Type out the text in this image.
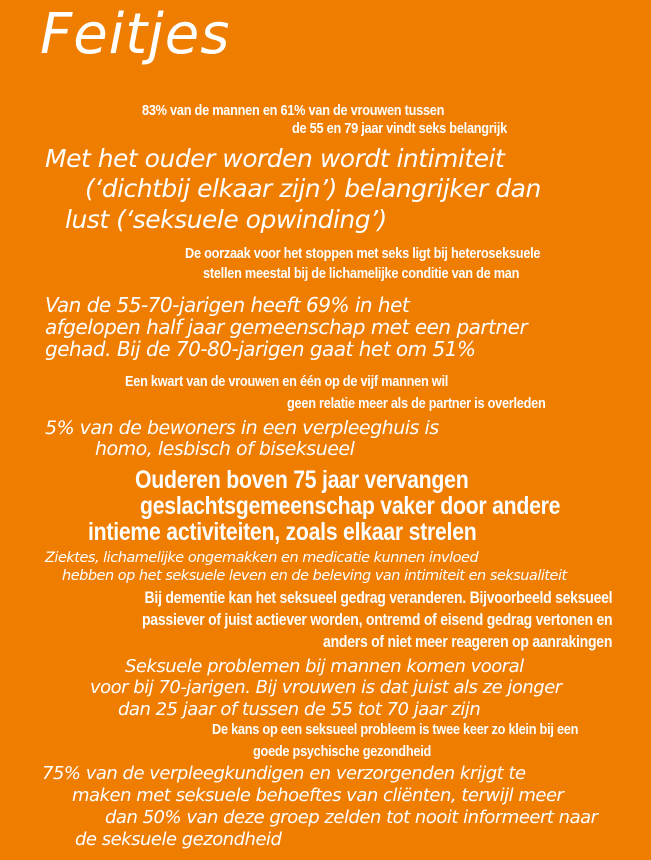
Feitjes
83% van de mannen en 61% van de vrouwen tussen
de 55 en 79 jaar vindt seks belangrijk
Met het ouder worden wordt intimiteit
(‘dichtbij elkaar zijn’) belangrijker dan
lust (‘seksuele opwinding’)
De oorzaak voor het stoppen met seks ligt bij heteroseksuele
stellen meestal bij de lichamelijke conditie van de man
Van de 55-70-jarigen heeft 69% in het
afgelopen half jaar gemeenschap met een partner
gehad. Bij de 70-80-jarigen gaat het om 51%
Een kwart van de vrouwen en één op de vijf mannen wil
geen relatie meer als de partner is overleden
5% van de bewoners in een verpleeghuis is
homo, lesbisch of biseksueel
Ouderen boven 75 jaar vervangen
geslachtsgemeenschap vaker door andere
intieme activiteiten, zoals elkaar strelen
Ziektes, lichamelijke ongemakken en medicatie kunnen invloed
hebben op het seksuele leven en de beleving van intimiteit en seksualiteit
Bij dementie kan het seksueel gedrag veranderen. Bijvoorbeeld seksueel
passiever of juist actiever worden, ontremd of eisend gedrag vertonen en
anders of niet meer reageren op aanrakingen
Seksuele problemen bij mannen komen vooral
voor bij 70-jarigen. Bij vrouwen is dat juist als ze jonger
dan 25 jaar of tussen de 55 tot 70 jaar zijn
De kans op een seksueel probleem is twee keer zo klein bij een
goede psychische gezondheid
75% van de verpleegkundigen en verzorgenden krijgt te
maken met seksuele behoeftes van cliënten, terwijl meer
dan 50% van deze groep zelden tot nooit informeert naar
de seksuele gezondheid
